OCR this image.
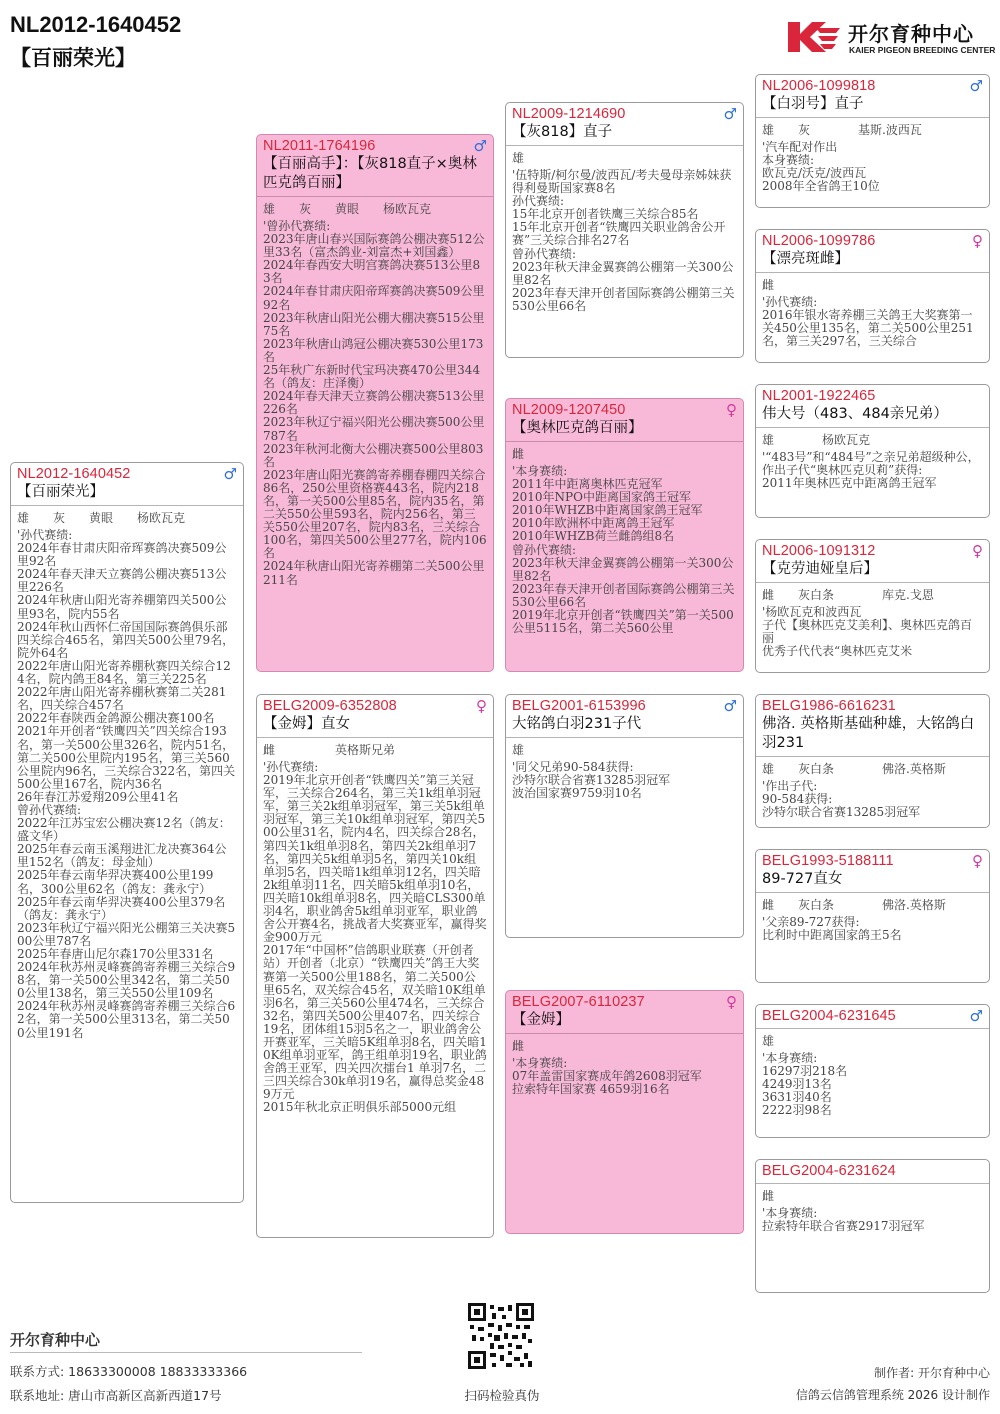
NL2012-1640452
【百丽荣光】
开尔育种中心
KAIER PIGEON BREEDING CENTER
NL2012-1640452	♂
【百丽荣光】
雄　　灰　　黄眼　　杨欧瓦克
'孙代赛绩:
2024年春甘肃庆阳帝珲赛鸽决赛509公里92名
2024年春天津天立赛鸽公棚决赛513公里226名
2024年秋唐山阳光寄养棚第四关500公里93名，院内55名
2024年秋山西怀仁帝国国际赛鸽俱乐部四关综合465名，第四关500公里79名，院外64名
2022年唐山阳光寄养棚秋赛四关综合124名，院内鸽王84名，第三关225名
2022年唐山阳光寄养棚秋赛第二关281名，四关综合457名
2022年春陕西金鸽源公棚决赛100名
2021年开创者“铁鹰四关”四关综合193名，第一关500公里326名，院内51名，第二关500公里院内195名，第三关560公里院内96名，三关综合322名，第四关500公里167名，院内36名
26年春江苏爱翔209公里41名
曾孙代赛绩:
2022年江苏宝宏公棚决赛12名（鸽友：盛文华）
2025年春云南玉溪翔进汇龙决赛364公里152名（鸽友：母金灿）
2025年春云南华羿决赛400公里199名，300公里62名（鸽友：龚永宁）
2025年春云南华羿决赛400公里379名（鸽友：龚永宁）
2023年秋辽宁福兴阳光公棚第三关决赛500公里787名
2025年春唐山尼尔森170公里331名
2024年秋苏州灵峰赛鸽寄养棚三关综合98名，第一关500公里342名，第二关500公里138名，第三关550公里109名
2024年秋苏州灵峰赛鸽寄养棚三关综合62名，第一关500公里313名，第二关500公里191名
NL2011-1764196	♂
【百丽高手】：【灰818直子×奥林匹克鸽百丽】
雄　　灰　　黄眼　　杨欧瓦克
'曾孙代赛绩:
2023年唐山春兴国际赛鸽公棚决赛512公里33名（富杰鸽业-刘富杰+刘国鑫）
2024年春西安大明宫赛鸽决赛513公里83名
2024年春甘肃庆阳帝珲赛鸽决赛509公里92名
2023年秋唐山阳光公棚大棚决赛515公里75名
2023年秋唐山鸿冠公棚决赛530公里173名
25年秋广东新时代宝玛决赛470公里344名（鸽友：庄泽衡）
2024年春天津天立赛鸽公棚决赛513公里226名
2023年秋辽宁福兴阳光公棚决赛500公里787名
2023年秋河北衡大公棚决赛500公里803名
2023年唐山阳光赛鸽寄养棚春棚四关综合86名，250公里资格赛443名，院内218名，第一关500公里85名，院内35名，第二关550公里593名，院内256名，第三关550公里207名，院内83名，三关综合100名，第四关500公里277名，院内106名
2024年秋唐山阳光寄养棚第二关500公里211名
BELG2009-6352808	♀
【金姆】直女
雌　　　　　英格斯兄弟
'孙代赛绩:
2019年北京开创者“铁鹰四关”第三关冠军，三关综合264名，第三关1k组单羽冠军，第三关2k组单羽冠军，第三关5k组单羽冠军，第三关10k组单羽冠军，第四关500公里31名，院内4名，四关综合28名，第四关1k组单羽8名，第四关2k组单羽7名，第四关5k组单羽5名，第四关10k组单羽5名，四关暗1k组单羽12名，四关暗2k组单羽11名，四关暗5k组单羽10名，四关暗10k组单羽8名，四关暗CLS300单羽4名，职业鸽舍5k组单羽亚军，职业鸽舍公开赛4名，挑战者大奖赛亚军，赢得奖金900万元
2017年“中国杯”信鸽职业联赛（开创者站）开创者（北京）“铁鹰四关”鸽王大奖赛第一关500公里188名，第二关500公里65名，双关综合45名，双关暗10K组单羽6名，第三关560公里474名，三关综合32名，第四关500公里407名，四关综合19名，团体组15羽5名之一，职业鸽舍公开赛亚军，三关暗5K组单羽8名，四关暗10K组单羽亚军，鸽王组单羽19名，职业鸽舍鸽王亚军，四关四次擂台1 单羽7名，二三四关综合30k单羽19名，赢得总奖金489万元
2015年秋北京正明俱乐部5000元组
NL2009-1214690	♂
【灰818】直子
雄
'伍特斯/柯尔曼/波西瓦/考夫曼母亲姊妹获得利曼斯国家赛8名
孙代赛绩:
15年北京开创者铁鹰三关综合85名
15年北京开创者“铁鹰四关职业鸽舍公开赛”三关综合排名27名
曾孙代赛绩:
2023年秋天津金翼赛鸽公棚第一关300公里82名
2023年春天津开创者国际赛鸽公棚第三关530公里66名
NL2009-1207450	♀
【奥林匹克鸽百丽】
雌
'本身赛绩:
2011年中距离奥林匹克冠军
2010年NPO中距离国家鸽王冠军
2010年WHZB中距离国家鸽王冠军
2010年欧洲杯中距离鸽王冠军
2010年WHZB荷兰雌鸽组8名
曾孙代赛绩:
2023年秋天津金翼赛鸽公棚第一关300公里82名
2023年春天津开创者国际赛鸽公棚第三关530公里66名
2019年北京开创者“铁鹰四关”第一关500公里5115名，第二关560公里
BELG2001-6153996	♂
大铭鸽白羽231子代
雄
'同父兄弟90-584获得:
沙特尔联合省赛13285羽冠军
波治国家赛9759羽10名
BELG2007-6110237	♀
【金姆】
雌
'本身赛绩:
07年盖雷国家赛成年鸽2608羽冠军
拉索特年国家赛 4659羽16名
NL2006-1099818	♂
【白羽号】直子
雄　　灰　　　　基斯.波西瓦
'汽车配对作出
本身赛绩:
欧瓦克/沃克/波西瓦
2008年全省鸽王10位
NL2006-1099786	♀
【漂亮斑雌】
雌
'孙代赛绩:
2016年银水寄养棚三关鸽王大奖赛第一关450公里135名，第二关500公里251名，第三关297名，三关综合
NL2001-1922465
伟大号（483、484亲兄弟）
雄　　　　杨欧瓦克
'“483号”和“484号”之亲兄弟超级种公，作出子代“奥林匹克贝莉”获得:
2011年奥林匹克中距离鸽王冠军
NL2006-1091312	♀
【克劳迪娅皇后】
雌　　灰白条　　　　库克.戈恩
'杨欧瓦克和波西瓦
子代【奥林匹克艾美利】、奥林匹克鸽百丽
优秀子代代表“奥林匹克艾米
BELG1986-6616231
佛洛. 英格斯基础种雄，大铭鸽白羽231
雄　　灰白条　　　　佛洛.英格斯
'作出子代:
90-584获得:
沙特尔联合省赛13285羽冠军
BELG1993-5188111	♀
89-727直女
雌　　灰白条　　　　佛洛.英格斯
'父亲89-727获得:
比利时中距离国家鸽王5名
BELG2004-6231645	♂
雄
'本身赛绩:
16297羽218名
4249羽13名
3631羽40名
2222羽98名
BELG2004-6231624
雌
'本身赛绩:
拉索特年联合省赛2917羽冠军
开尔育种中心
联系方式: 18633300008 18833333366
联系地址: 唐山市高新区高新西道17号	扫码检验真伪
制作者: 开尔育种中心
信鸽云信鸽管理系统 2026 设计制作
